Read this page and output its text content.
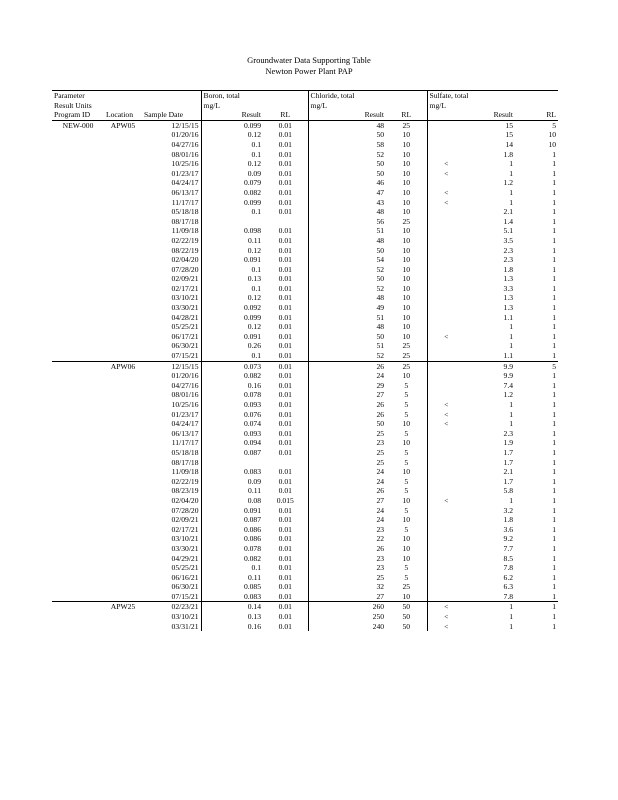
Groundwater Data Supporting Table
Newton Power Plant PAP
Parameter			Boron, total		Chloride, total		Sulfate, total		
Result Units			mg/L		mg/L		mg/L		
Program ID	Location	Sample Date	Result	RL	Result	RL		Result	RL
NEW-000	APW05	12/15/15	0.099	0.01	48	25		15	5
		01/20/16	0.12	0.01	50	10		15	10
		04/27/16	0.1	0.01	58	10		14	10
		08/01/16	0.1	0.01	52	10		1.8	1
		10/25/16	0.12	0.01	50	10	<	1	1
		01/23/17	0.09	0.01	50	10	<	1	1
		04/24/17	0.079	0.01	46	10		1.2	1
		06/13/17	0.082	0.01	47	10	<	1	1
		11/17/17	0.099	0.01	43	10	<	1	1
		05/18/18	0.1	0.01	48	10		2.1	1
		08/17/18			56	25		1.4	1
		11/09/18	0.098	0.01	51	10		5.1	1
		02/22/19	0.11	0.01	48	10		3.5	1
		08/22/19	0.12	0.01	50	10		2.3	1
		02/04/20	0.091	0.01	54	10		2.3	1
		07/28/20	0.1	0.01	52	10		1.8	1
		02/09/21	0.13	0.01	50	10		1.3	1
		02/17/21	0.1	0.01	52	10		3.3	1
		03/10/21	0.12	0.01	48	10		1.3	1
		03/30/21	0.092	0.01	49	10		1.3	1
		04/28/21	0.099	0.01	51	10		1.1	1
		05/25/21	0.12	0.01	48	10		1	1
		06/17/21	0.091	0.01	50	10	<	1	1
		06/30/21	0.26	0.01	51	25		1	1
		07/15/21	0.1	0.01	52	25		1.1	1
	APW06	12/15/15	0.073	0.01	26	25		9.9	5
		01/20/16	0.082	0.01	24	10		9.9	1
		04/27/16	0.16	0.01	29	5		7.4	1
		08/01/16	0.078	0.01	27	5		1.2	1
		10/25/16	0.093	0.01	26	5	<	1	1
		01/23/17	0.076	0.01	26	5	<	1	1
		04/24/17	0.074	0.01	50	10	<	1	1
		06/13/17	0.093	0.01	25	5		2.3	1
		11/17/17	0.094	0.01	23	10		1.9	1
		05/18/18	0.087	0.01	25	5		1.7	1
		08/17/18			25	5		1.7	1
		11/09/18	0.083	0.01	24	10		2.1	1
		02/22/19	0.09	0.01	24	5		1.7	1
		08/23/19	0.11	0.01	26	5		5.8	1
		02/04/20	0.08	0.015	27	10	<	1	1
		07/28/20	0.091	0.01	24	5		3.2	1
		02/09/21	0.087	0.01	24	10		1.8	1
		02/17/21	0.086	0.01	23	5		3.6	1
		03/10/21	0.086	0.01	22	10		9.2	1
		03/30/21	0.078	0.01	26	10		7.7	1
		04/29/21	0.082	0.01	23	10		8.5	1
		05/25/21	0.1	0.01	23	5		7.8	1
		06/16/21	0.11	0.01	25	5		6.2	1
		06/30/21	0.085	0.01	32	25		6.3	1
		07/15/21	0.083	0.01	27	10		7.8	1
	APW25	02/23/21	0.14	0.01	260	50	<	1	1
		03/10/21	0.13	0.01	250	50	<	1	1
		03/31/21	0.16	0.01	240	50	<	1	1
